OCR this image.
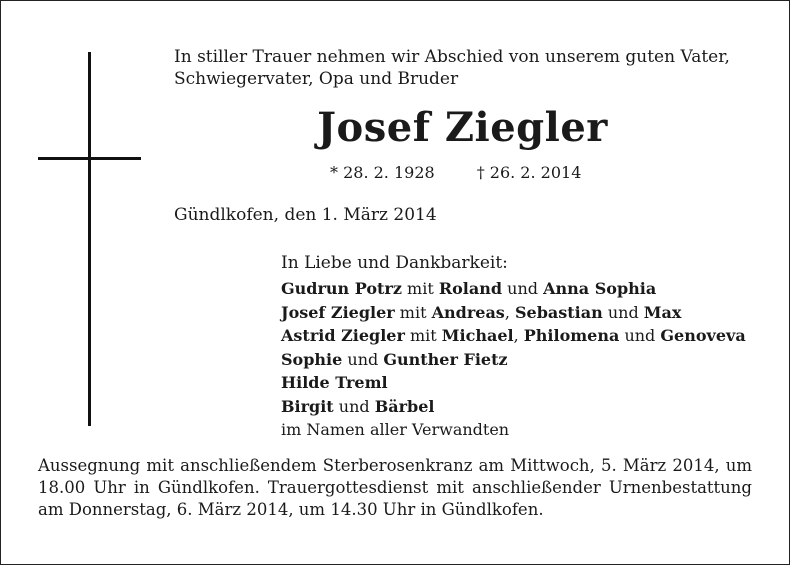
In stiller Trauer nehmen wir Abschied von unserem guten Vater, Schwiegervater, Opa und Bruder
Josef Ziegler
* 28. 2. 1928	† 26. 2. 2014
Gündlkofen, den 1. März 2014
In Liebe und Dankbarkeit:
Gudrun Potrz mit Roland und Anna Sophia
Josef Ziegler mit Andreas, Sebastian und Max
Astrid Ziegler mit Michael, Philomena und Genoveva
Sophie und Gunther Fietz
Hilde Treml
Birgit und Bärbel
im Namen aller Verwandten
Aussegnung mit anschließendem Sterberosenkranz am Mittwoch, 5. März 2014, um 18.00 Uhr in Gündlkofen. Trauergottesdienst mit anschließender Urnenbestattung am Donnerstag, 6. März 2014, um 14.30 Uhr in Gündlkofen.
